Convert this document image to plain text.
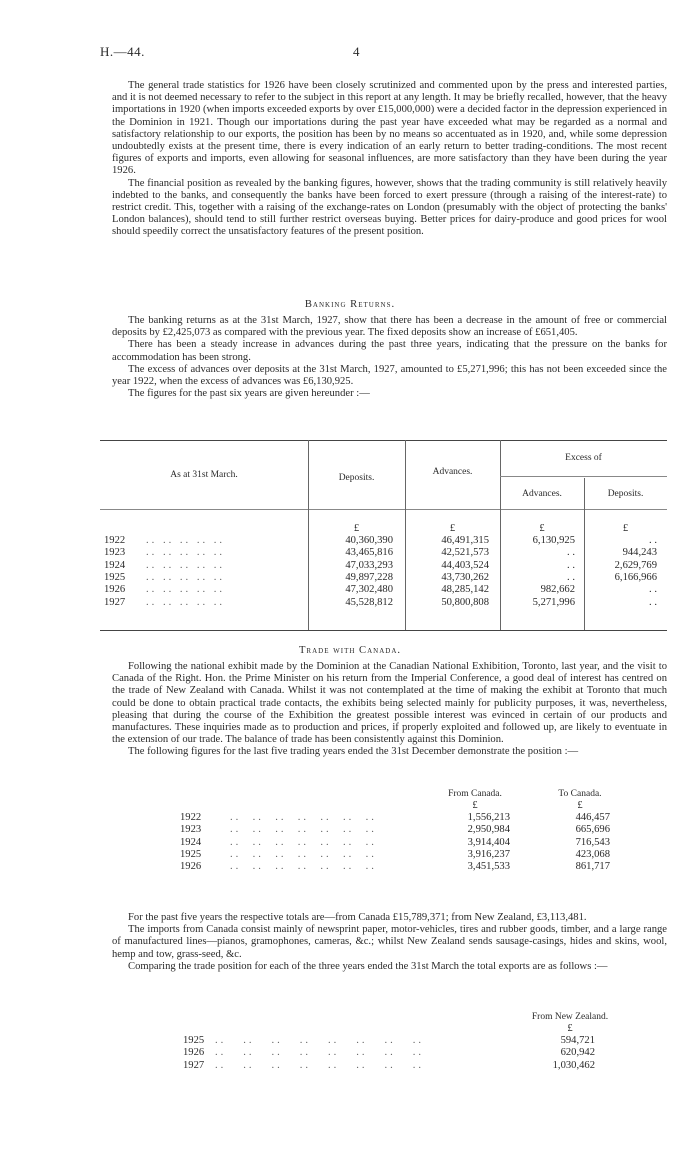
H.—44.	4

The general trade statistics for 1926 have been closely scrutinized and commented upon by the press and interested parties, and it is not deemed necessary to refer to the subject in this report at any length. It may be briefly recalled, however, that the heavy importations in 1920 (when imports exceeded exports by over £15,000,000) were a decided factor in the depression experienced in the Dominion in 1921. Though our importations during the past year have exceeded what may be regarded as a normal and satisfactory relationship to our exports, the position has been by no means so accentuated as in 1920, and, while some depression undoubtedly exists at the present time, there is every indication of an early return to better trading-conditions. The most recent figures of exports and imports, even allowing for seasonal influences, are more satisfactory than they have been during the year 1926.

The financial position as revealed by the banking figures, however, shows that the trading community is still relatively heavily indebted to the banks, and consequently the banks have been forced to exert pressure (through a raising of the interest-rate) to restrict credit. This, together with a raising of the exchange-rates on London (presumably with the object of protecting the banks' London balances), should tend to still further restrict overseas buying. Better prices for dairy-produce and good prices for wool should speedily correct the unsatisfactory features of the present position.

Banking Returns.

The banking returns as at the 31st March, 1927, show that there has been a decrease in the amount of free or commercial deposits by £2,425,073 as compared with the previous year. The fixed deposits show an increase of £651,405.

There has been a steady increase in advances during the past three years, indicating that the pressure on the banks for accommodation has been strong.

The excess of advances over deposits at the 31st March, 1927, amounted to £5,271,996; this has not been exceeded since the year 1922, when the excess of advances was £6,130,925.

The figures for the past six years are given hereunder :—

As at 31st March.	Deposits.
Advances.
Excess of
Advances.	Deposits.
£	£	£	£
1922 .. .. .. .. ..	40,360,390	46,491,315	6,130,925	. .
1923 .. .. .. .. ..	43,465,816	42,521,573	. .	944,243
1924 .. .. .. .. ..	47,033,293	44,403,524	. .	2,629,769
1925 .. .. .. .. ..	49,897,228	43,730,262	. .	6,166,966
1926 .. .. .. .. ..	47,302,480	48,285,142	982,662	. .
1927 .. .. .. .. ..	45,528,812	50,800,808	5,271,996	. .
Trade with Canada.

Following the national exhibit made by the Dominion at the Canadian National Exhibition, Toronto, last year, and the visit to Canada of the Right. Hon. the Prime Minister on his return from the Imperial Conference, a good deal of interest has centred on the trade of New Zealand with Canada. Whilst it was not contemplated at the time of making the exhibit at Toronto that much could be done to obtain practical trade contacts, the exhibits being selected mainly for publicity purposes, it was, nevertheless, pleasing that during the course of the Exhibition the greatest possible interest was evinced in certain of our products and manufactures. These inquiries made as to production and prices, if properly exploited and followed up, are likely to eventuate in the extension of our trade. The balance of trade has been consistently against this Dominion.

The following figures for the last five trading years ended the 31st December demonstrate the position :—

From Canada.	To Canada.
£	£
1922	..  ..  ..  ..  ..  ..  ..	1,556,213	446,457
1923	..  ..  ..  ..  ..  ..  ..	2,950,984	665,696
1924	..  ..  ..  ..  ..  ..  ..	3,914,404	716,543
1925	..  ..  ..  ..  ..  ..  ..	3,916,237	423,068
1926	..  ..  ..  ..  ..  ..  ..	3,451,533	861,717

For the past five years the respective totals are—from Canada £15,789,371; from New Zealand, £3,113,481.

The imports from Canada consist mainly of newsprint paper, motor-vehicles, tires and rubber goods, timber, and a large range of manufactured lines—pianos, gramophones, cameras, &c.; whilst New Zealand sends sausage-casings, hides and skins, wool, hemp and tow, grass-seed, &c.

Comparing the trade position for each of the three years ended the 31st March the total exports are as follows :—

From New Zealand.
£
1925 ..   ..   ..   ..   ..   ..   ..   ..	594,721
1926 ..   ..   ..   ..   ..   ..   ..   ..	620,942
1927 ..   ..   ..   ..   ..   ..   ..   ..	1,030,462
